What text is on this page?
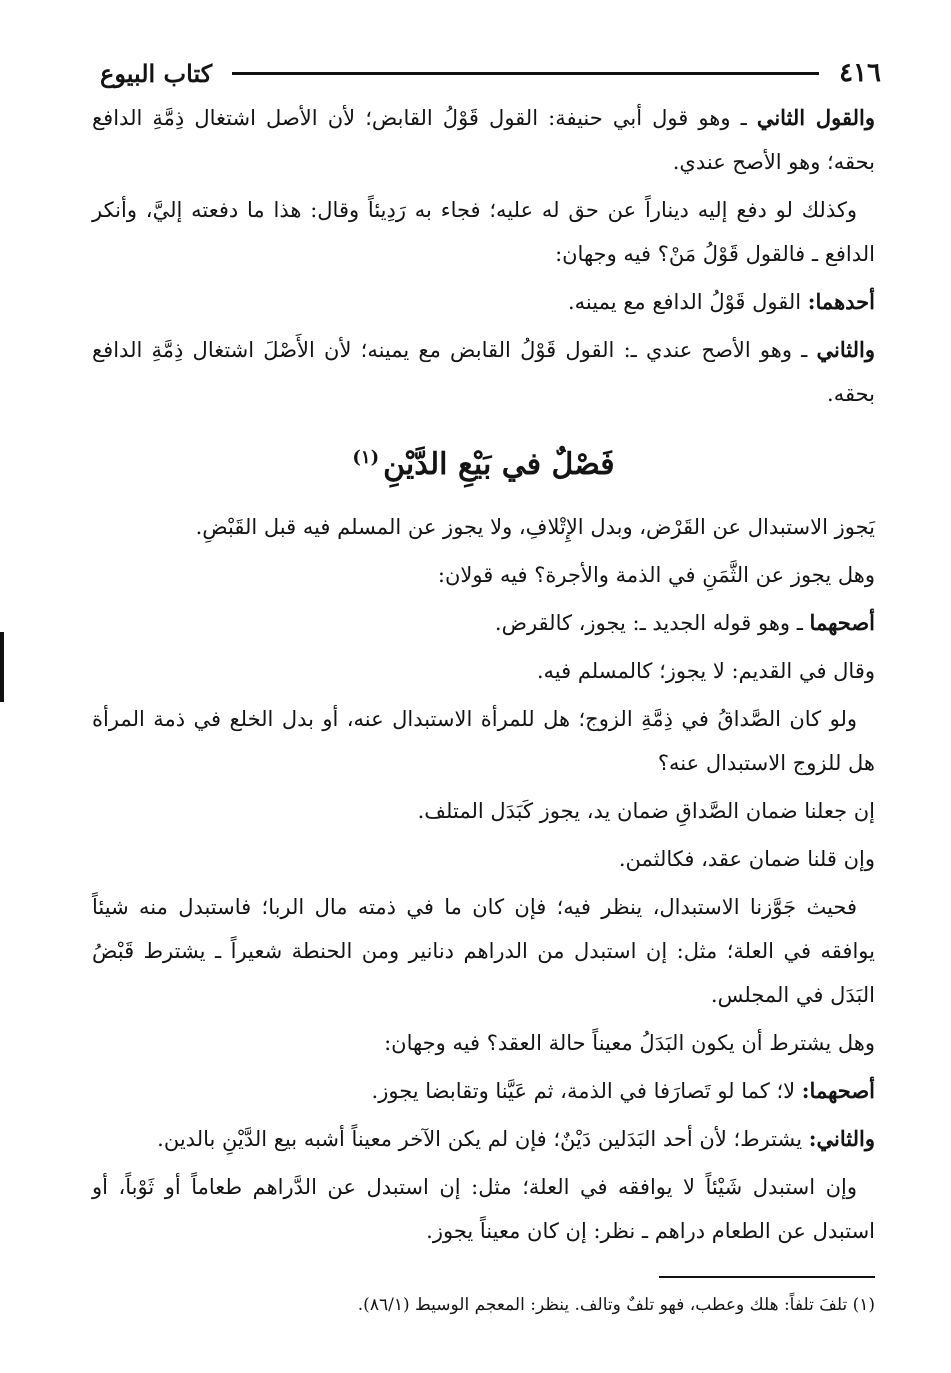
٤١٦
كتاب البيوع

والقول الثاني ـ وهو قول أبي حنيفة: القول قَوْلُ القابض؛ لأن الأصل اشتغال ذِمَّةِ الدافع بحقه؛ وهو الأصح عندي.

وكذلك لو دفع إليه ديناراً عن حق له عليه؛ فجاء به رَدِيئاً وقال: هذا ما دفعته إليَّ، وأنكر الدافع ـ فالقول قَوْلُ مَنْ؟ فيه وجهان:

أحدهما: القول قَوْلُ الدافع مع يمينه.

والثاني ـ وهو الأصح عندي ـ: القول قَوْلُ القابض مع يمينه؛ لأن الأَصْلَ اشتغال ذِمَّةِ الدافع بحقه.

فَصْلٌ في بَيْعِ الدَّيْنِ$^{(١)}$

يَجوز الاستبدال عن القَرْض، وبدل الإِتْلافِ، ولا يجوز عن المسلم فيه قبل القَبْضِ.

وهل يجوز عن الثَّمَنِ في الذمة والأجرة؟ فيه قولان:

أصحهما ـ وهو قوله الجديد ـ: يجوز، كالقرض.

وقال في القديم: لا يجوز؛ كالمسلم فيه.

ولو كان الصَّداقُ في ذِمَّةِ الزوج؛ هل للمرأة الاستبدال عنه، أو بدل الخلع في ذمة المرأة هل للزوج الاستبدال عنه؟

إن جعلنا ضمان الصَّداقِ ضمان يد، يجوز كَبَدَل المتلف.

وإن قلنا ضمان عقد، فكالثمن.

فحيث جَوَّزنا الاستبدال، ينظر فيه؛ فإن كان ما في ذمته مال الربا؛ فاستبدل منه شيئاً يوافقه في العلة؛ مثل: إن استبدل من الدراهم دنانير ومن الحنطة شعيراً ـ يشترط قَبْضُ البَدَل في المجلس.

وهل يشترط أن يكون البَدَلُ معيناً حالة العقد؟ فيه وجهان:

أصحهما: لا؛ كما لو تَصارَفا في الذمة، ثم عَيَّنا وتقابضا يجوز.

والثاني: يشترط؛ لأن أحد البَدَلين دَيْنٌ؛ فإن لم يكن الآخر معيناً أشبه بيع الدَّيْنِ بالدين.

وإن استبدل شَيْئاً لا يوافقه في العلة؛ مثل: إن استبدل عن الدَّراهم طعاماً أو ثَوْباً، أو استبدل عن الطعام دراهم ـ نظر: إن كان معيناً يجوز.

(١) تلفَ تلفاً: هلك وعطب، فهو تلفٌ وتالف. ينظر: المعجم الوسيط (٨٦/١).
